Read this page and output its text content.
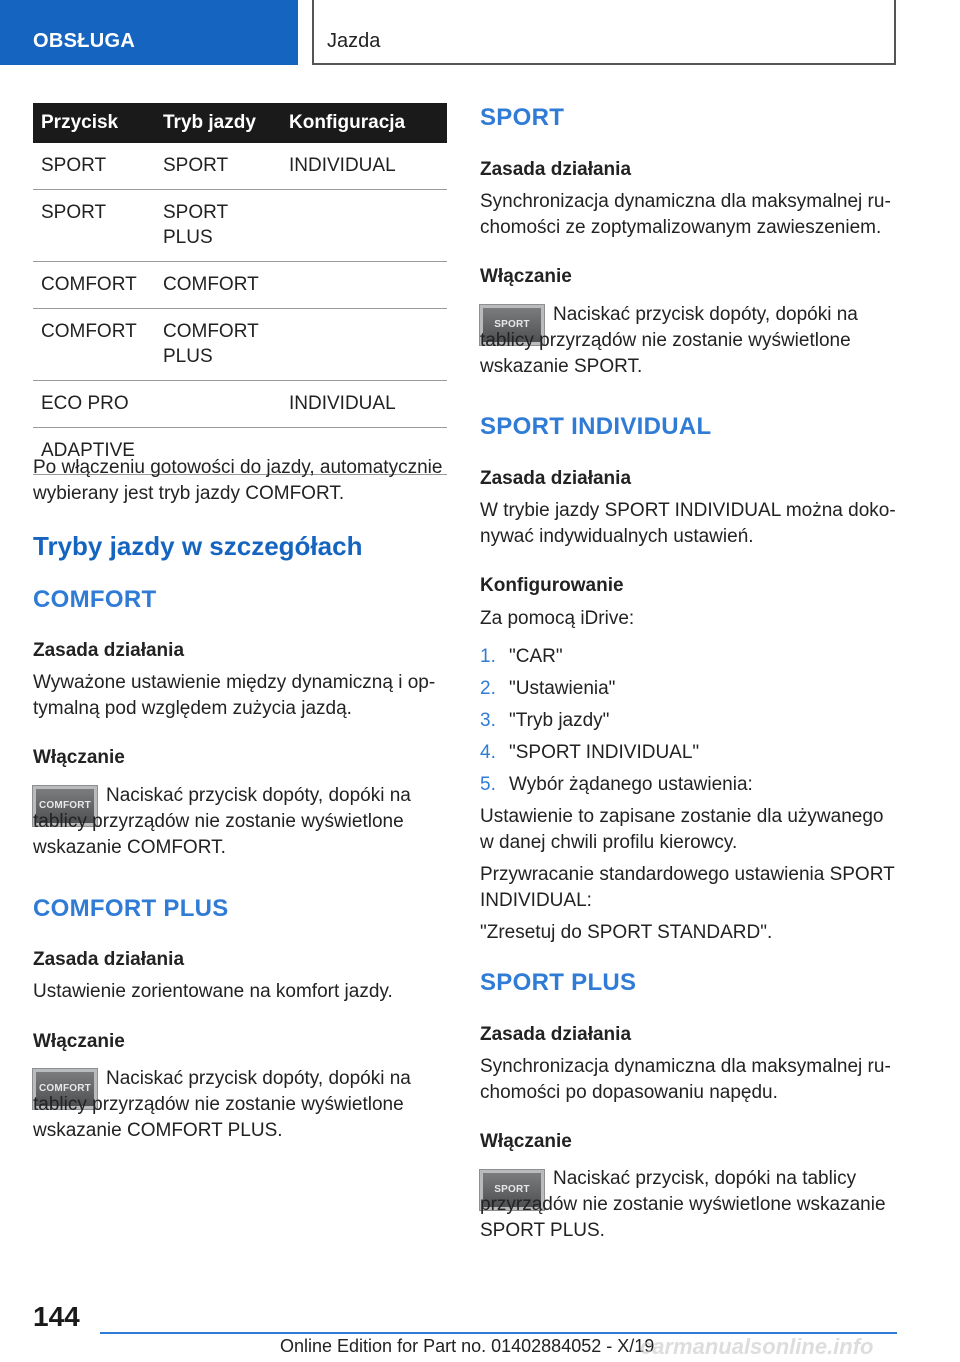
OBSŁUGA	Jazda
Przycisk	Tryb jazdy	Konfiguracja
SPORT	SPORT	INDIVIDUAL
SPORT	SPORT
PLUS	
COMFORT	COMFORT	
COMFORT	COMFORT
PLUS	
ECO PRO		INDIVIDUAL
ADAPTIVE		

Po włączeniu gotowości do jazdy, automatycznie wybierany jest tryb jazdy COMFORT.

Tryby jazdy w szczegółach
COMFORT
Zasada działania

Wyważone ustawienie między dynamiczną i optymalną pod względem zużycia jazdą.

Włączanie
COMFORT Naciskać przycisk dopóty, dopóki na tablicy przyrządów nie zostanie wyświetlone wskazanie COMFORT.

COMFORT PLUS
Zasada działania

Ustawienie zorientowane na komfort jazdy.

Włączanie
COMFORT Naciskać przycisk dopóty, dopóki na tablicy przyrządów nie zostanie wyświetlone wskazanie COMFORT PLUS.

SPORT
Zasada działania

Synchronizacja dynamiczna dla maksymalnej ruchomości ze zoptymalizowanym zawieszeniem.

Włączanie
SPORT	Naciskać przycisk dopóty, dopóki na tablicy przyrządów nie zostanie wyświetlone wskazanie SPORT.

SPORT INDIVIDUAL
Zasada działania

W trybie jazdy SPORT INDIVIDUAL można dokonywać indywidualnych ustawień.

Konfigurowanie

Za pomocą iDrive:

1. "CAR"
2. "Ustawienia"
3. "Tryb jazdy"
4. "SPORT INDIVIDUAL"
5. Wybór żądanego ustawienia:

Ustawienie to zapisane zostanie dla używanego w danej chwili profilu kierowcy.

Przywracanie standardowego ustawienia SPORT INDIVIDUAL:

"Zresetuj do SPORT STANDARD".

SPORT PLUS
Zasada działania

Synchronizacja dynamiczna dla maksymalnej ruchomości po dopasowaniu napędu.

Włączanie
SPORT

Naciskać przycisk, dopóki na tablicy przyrządów nie zostanie wyświetlone wskazanie SPORT PLUS.

144
Online Edition for Part no. 01402884052 - X/19
carmanualsonline.info
